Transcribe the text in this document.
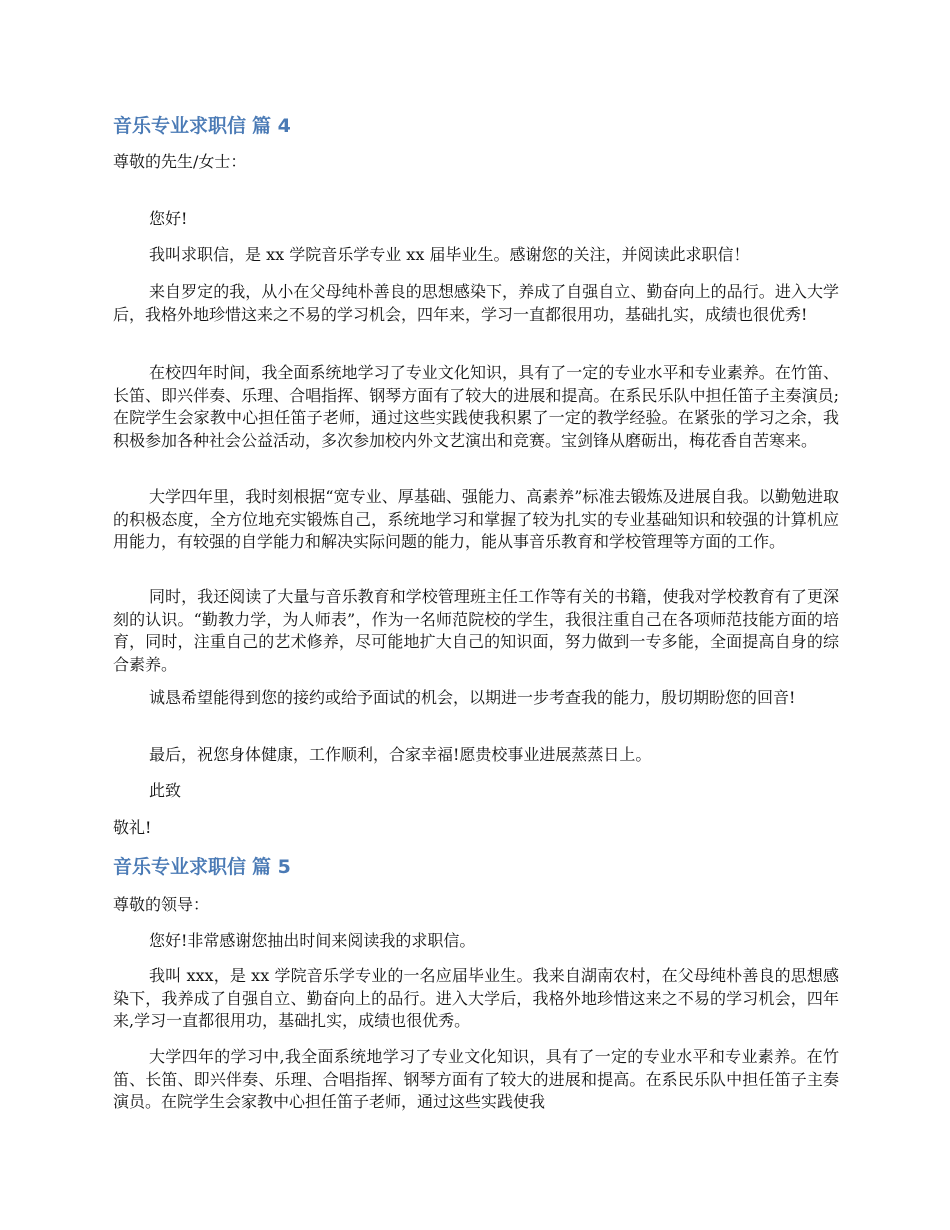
音乐专业求职信 篇 4

尊敬的先生/女士：

您好!

我叫求职信，是 xx 学院音乐学专业 xx 届毕业生。感谢您的关注，并阅读此求职信！

来自罗定的我，从小在父母纯朴善良的思想感染下，养成了自强自立、勤奋向上的品行。进入大学后，我格外地珍惜这来之不易的学习机会，四年来，学习一直都很用功，基础扎实，成绩也很优秀!

在校四年时间，我全面系统地学习了专业文化知识，具有了一定的专业水平和专业素养。在竹笛、长笛、即兴伴奏、乐理、合唱指挥、钢琴方面有了较大的进展和提高。在系民乐队中担任笛子主奏演员;在院学生会家教中心担任笛子老师，通过这些实践使我积累了一定的教学经验。在紧张的学习之余，我积极参加各种社会公益活动，多次参加校内外文艺演出和竞赛。宝剑锋从磨砺出，梅花香自苦寒来。

大学四年里，我时刻根据“宽专业、厚基础、强能力、高素养”标准去锻炼及进展自我。以勤勉进取的积极态度，全方位地充实锻炼自己，系统地学习和掌握了较为扎实的专业基础知识和较强的计算机应用能力，有较强的自学能力和解决实际问题的能力，能从事音乐教育和学校管理等方面的工作。

同时，我还阅读了大量与音乐教育和学校管理班主任工作等有关的书籍，使我对学校教育有了更深刻的认识。“勤教力学，为人师表”，作为一名师范院校的学生，我很注重自己在各项师范技能方面的培育，同时，注重自己的艺术修养，尽可能地扩大自己的知识面，努力做到一专多能，全面提高自身的综合素养。

诚恳希望能得到您的接约或给予面试的机会，以期进一步考查我的能力，殷切期盼您的回音!

最后，祝您身体健康，工作顺利，合家幸福!愿贵校事业进展蒸蒸日上。

此致

敬礼!

音乐专业求职信 篇 5

尊敬的领导：

您好!非常感谢您抽出时间来阅读我的求职信。

我叫 xxx，是 xx 学院音乐学专业的一名应届毕业生。我来自湖南农村，在父母纯朴善良的思想感染下，我养成了自强自立、勤奋向上的品行。进入大学后，我格外地珍惜这来之不易的学习机会，四年来,学习一直都很用功，基础扎实，成绩也很优秀。

大学四年的学习中,我全面系统地学习了专业文化知识，具有了一定的专业水平和专业素养。在竹笛、长笛、即兴伴奏、乐理、合唱指挥、钢琴方面有了较大的进展和提高。在系民乐队中担任笛子主奏演员。在院学生会家教中心担任笛子老师，通过这些实践使我
